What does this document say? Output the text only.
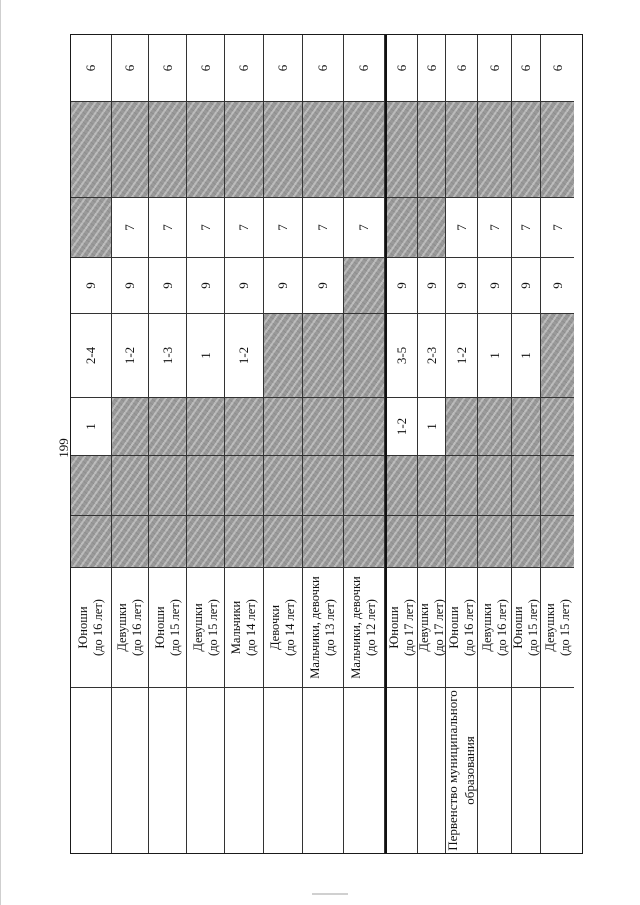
199
Юноши (до 16 лет)
1
2-4
9
6
Девушки (до 16 лет)
1-2
9
7
6
Юноши (до 15 лет)
1-3
9
7
6
Девушки (до 15 лет)
1
9
7
6
Мальчики (до 14 лет)
1-2
9
7
6
Девочки (до 14 лет)
9
7
6
Мальчики, девочки (до 13 лет)
9
7
6
Мальчики, девочки (до 12 лет)
7
6
Юноши (до 17 лет)
1-2
3-5
9
6
Девушки (до 17 лет)
1
2-3
9
6
Первенство муниципального образования
Юноши (до 16 лет)
1-2
9
7
6
Девушки (до 16 лет)
1
9
7
6
Юноши (до 15 лет)
1
9
7
6
Девушки (до 15 лет)
9
7
6
